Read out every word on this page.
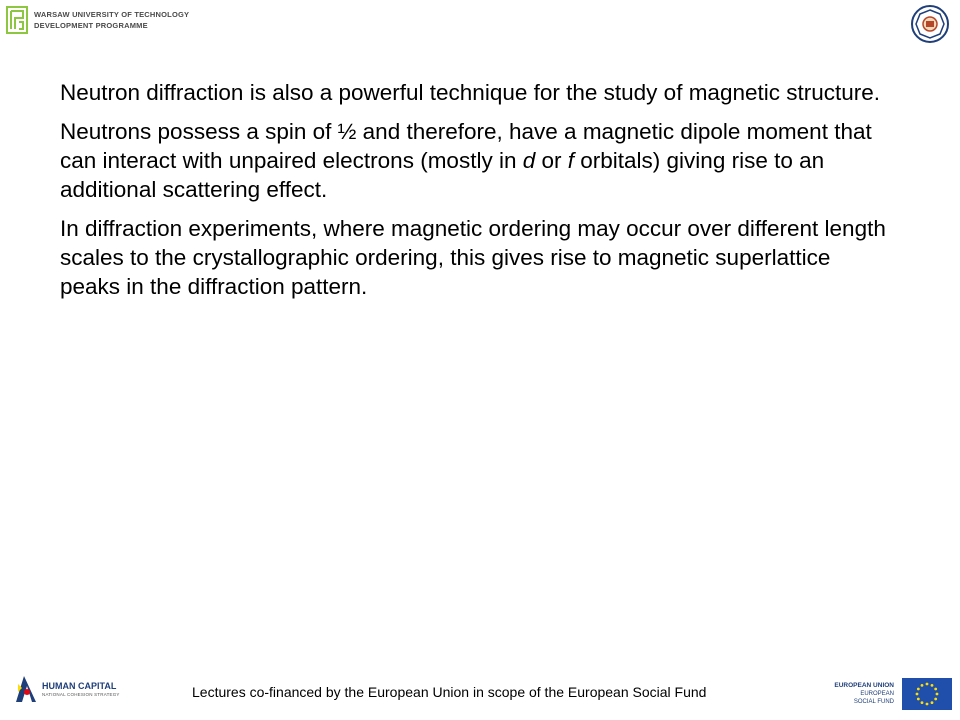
WARSAW UNIVERSITY OF TECHNOLOGY
DEVELOPMENT PROGRAMME

Neutron diffraction is also a powerful technique for the study of magnetic structure.

Neutrons possess a spin of ½ and therefore, have a magnetic dipole moment that can interact with unpaired electrons (mostly in d or f orbitals) giving rise to an additional scattering effect.

In diffraction experiments, where magnetic ordering may occur over different length scales to the crystallographic ordering, this gives rise to magnetic superlattice peaks in the diffraction pattern.

HUMAN CAPITAL
NATIONAL COHESION STRATEGY	Lectures co-financed by the European Union in scope of the European Social Fund	EUROPEAN UNION
EUROPEAN
SOCIAL FUND
